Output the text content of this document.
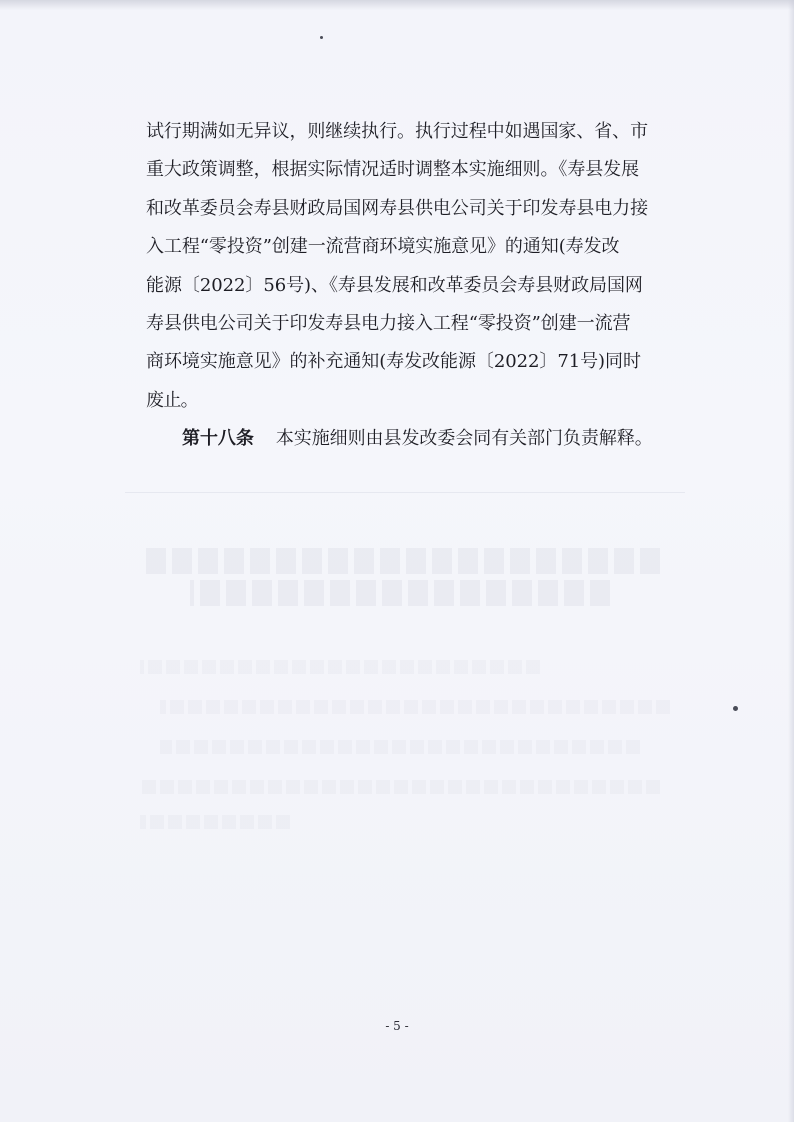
试行期满如无异议，则继续执行。执行过程中如遇国家、省、市
重大政策调整，根据实际情况适时调整本实施细则。《寿县发展
和改革委员会寿县财政局国网寿县供电公司关于印发寿县电力接
入工程“零投资”创建一流营商环境实施意见》的通知(寿发改
能源〔2022〕56号)、《寿县发展和改革委员会寿县财政局国网
寿县供电公司关于印发寿县电力接入工程“零投资”创建一流营
商环境实施意见》的补充通知(寿发改能源〔2022〕71号)同时
废止。
第十八条 本实施细则由县发改委会同有关部门负责解释。
- 5 -
